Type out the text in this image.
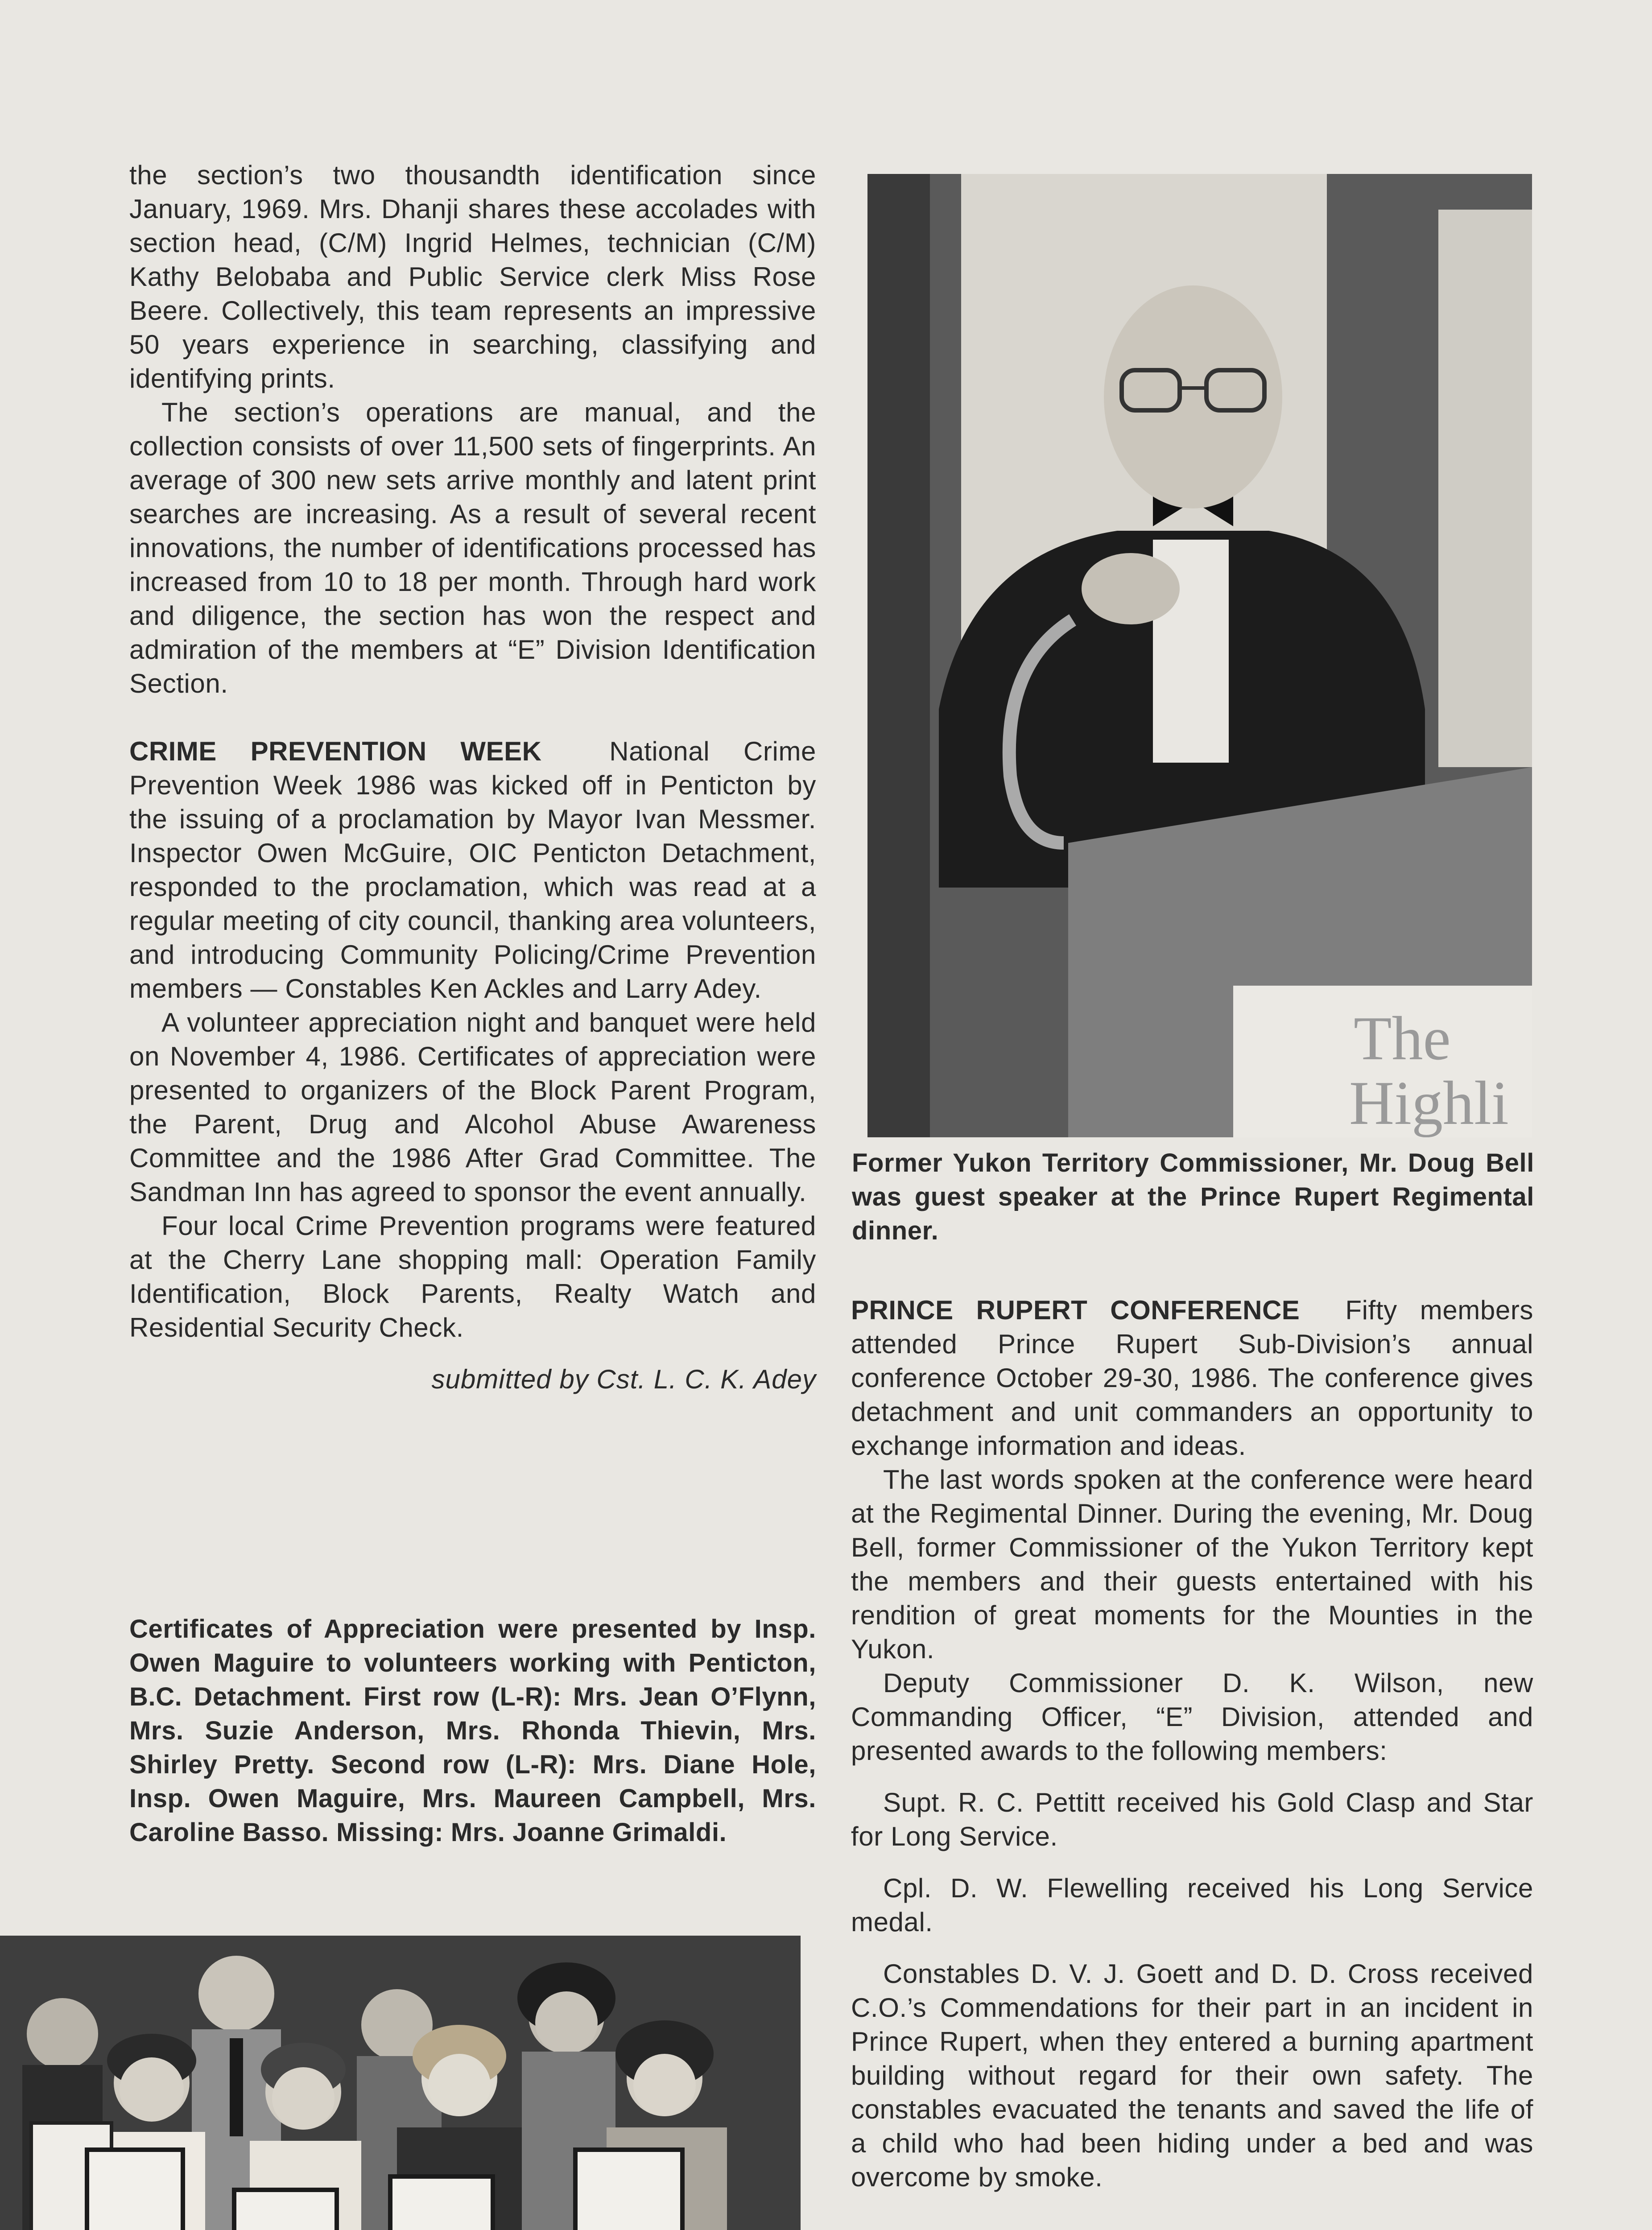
the section’s two thousandth identification since January, 1969. Mrs. Dhanji shares these accolades with section head, (C/M) Ingrid Helmes, technician (C/M) Kathy Belobaba and Public Service clerk Miss Rose Beere. Collectively, this team represents an impressive 50 years experience in searching, classifying and identifying prints.

The section’s operations are manual, and the collection consists of over 11,500 sets of fingerprints. An average of 300 new sets arrive monthly and latent print searches are increasing. As a result of several recent innovations, the number of identifications processed has increased from 10 to 18 per month. Through hard work and diligence, the section has won the respect and admiration of the members at “E” Division Identification Section.

CRIME PREVENTION WEEK	National Crime Prevention Week 1986 was kicked off in Penticton by the issuing of a proclamation by Mayor Ivan Messmer. Inspector Owen McGuire, OIC Penticton Detachment, responded to the proclamation, which was read at a regular meeting of city council, thanking area volunteers, and introducing Community Policing/Crime Prevention members — Constables Ken Ackles and Larry Adey.

A volunteer appreciation night and banquet were held on November 4, 1986. Certificates of appreciation were presented to organizers of the Block Parent Program, the Parent, Drug and Alcohol Abuse Awareness Committee and the 1986 After Grad Committee. The Sandman Inn has agreed to sponsor the event annually.

Four local Crime Prevention programs were featured at the Cherry Lane shopping mall: Operation Family Identification, Block Parents, Realty Watch and Residential Security Check.

submitted by Cst. L. C. K. Adey

Certificates of Appreciation were presented by Insp. Owen Maguire to volunteers working with Penticton, B.C. Detachment. First row (L-R): Mrs. Jean O’Flynn, Mrs. Suzie Anderson, Mrs. Rhonda Thievin, Mrs. Shirley Pretty. Second row (L-R): Mrs. Diane Hole, Insp. Owen Maguire, Mrs. Maureen Campbell, Mrs. Caroline Basso. Missing: Mrs. Joanne Grimaldi.

The
Highli

Former Yukon Territory Commissioner, Mr. Doug Bell was guest speaker at the Prince Rupert Regimental dinner.

PRINCE RUPERT CONFERENCE Fifty members attended Prince Rupert Sub-Division’s annual conference October 29-30, 1986. The conference gives detachment and unit commanders an opportunity to exchange information and ideas.

The last words spoken at the conference were heard at the Regimental Dinner. During the evening, Mr. Doug Bell, former Commissioner of the Yukon Territory kept the members and their guests entertained with his rendition of great moments for the Mounties in the Yukon.

Deputy Commissioner D. K. Wilson, new Commanding Officer, “E” Division, attended and presented awards to the following members:

Supt. R. C. Pettitt received his Gold Clasp and Star for Long Service.

Cpl. D. W. Flewelling received his Long Service medal.

Constables D. V. J. Goett and D. D. Cross received C.O.’s Commendations for their part in an incident in Prince Rupert, when they entered a burning apartment building without regard for their own safety. The constables evacuated the tenants and saved the life of a child who had been hiding under a bed and was overcome by smoke.
